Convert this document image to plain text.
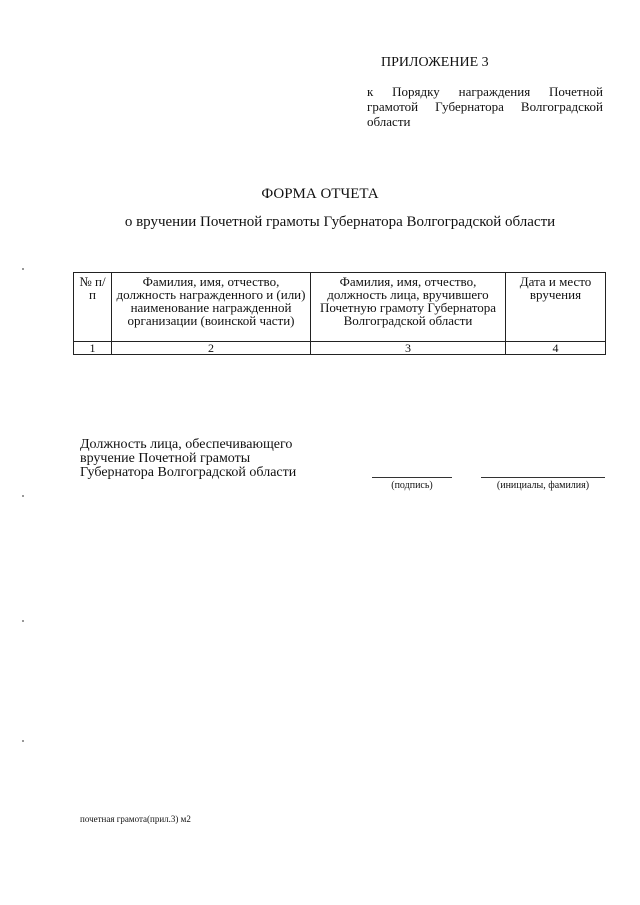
ПРИЛОЖЕНИЕ 3
к Порядку награждения Почетной грамотой Губернатора Волгоградской области
ФОРМА ОТЧЕТА
о вручении Почетной грамоты Губернатора Волгоградской области
№ п/п	Фамилия, имя, отчество, должность награжденного и (или) наименование награжденной организации (воинской части)	Фамилия, имя, отчество, должность лица, вручившего Почетную грамоту Губернатора Волгоградской области	Дата и место вручения
1	2	3	4
Должность лица, обеспечивающего вручение Почетной грамоты Губернатора Волгоградской области
(подпись)	(инициалы, фамилия)
почетная грамота(прил.3) м2
